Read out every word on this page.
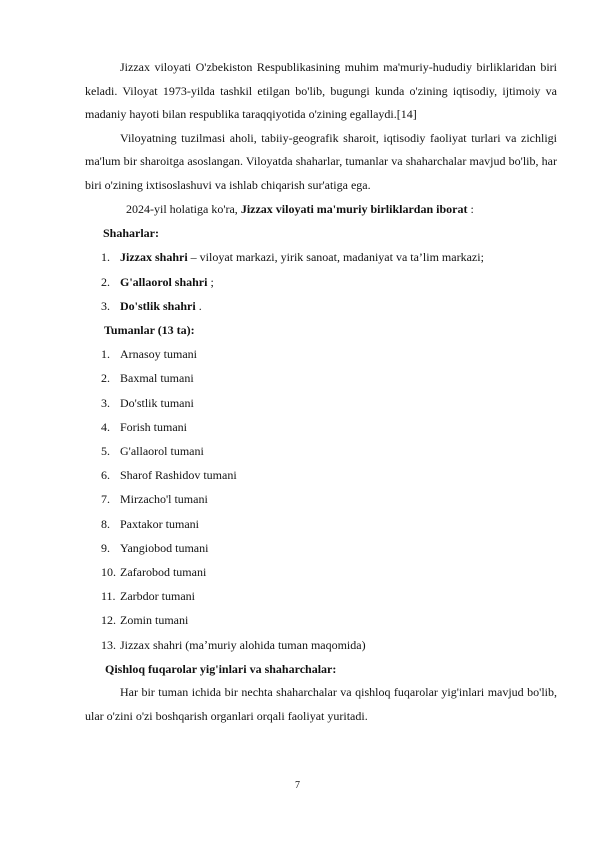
Jizzax viloyati O'zbekiston Respublikasining muhim ma'muriy-hududiy birliklaridan biri keladi. Viloyat 1973-yilda tashkil etilgan bo'lib, bugungi kunda o'zining iqtisodiy, ijtimoiy va madaniy hayoti bilan respublika taraqqiyotida o'zining egallaydi.[14]

Viloyatning tuzilmasi aholi, tabiiy-geografik sharoit, iqtisodiy faoliyat turlari va zichligi ma'lum bir sharoitga asoslangan. Viloyatda shaharlar, tumanlar va shaharchalar mavjud bo'lib, har biri o'zining ixtisoslashuvi va ishlab chiqarish sur'atiga ega.

2024-yil holatiga ko'ra, Jizzax viloyati ma'muriy birliklardan iborat :

Shaharlar:

1. Jizzax shahri – viloyat markazi, yirik sanoat, madaniyat va ta’lim markazi;
2. G'allaorol shahri ;
3. Do'stlik shahri .

Tumanlar (13 ta):

1. Arnasoy tumani
2. Baxmal tumani
3. Do'stlik tumani
4. Forish tumani
5. G'allaorol tumani
6. Sharof Rashidov tumani
7. Mirzacho'l tumani
8. Paxtakor tumani
9. Yangiobod tumani
10. Zafarobod tumani
11. Zarbdor tumani
12. Zomin tumani
13. Jizzax shahri (maʼmuriy alohida tuman maqomida)

Qishloq fuqarolar yig'inlari va shaharchalar:

Har bir tuman ichida bir nechta shaharchalar va qishloq fuqarolar yig'inlari mavjud bo'lib, ular o'zini o'zi boshqarish organlari orqali faoliyat yuritadi.

7
